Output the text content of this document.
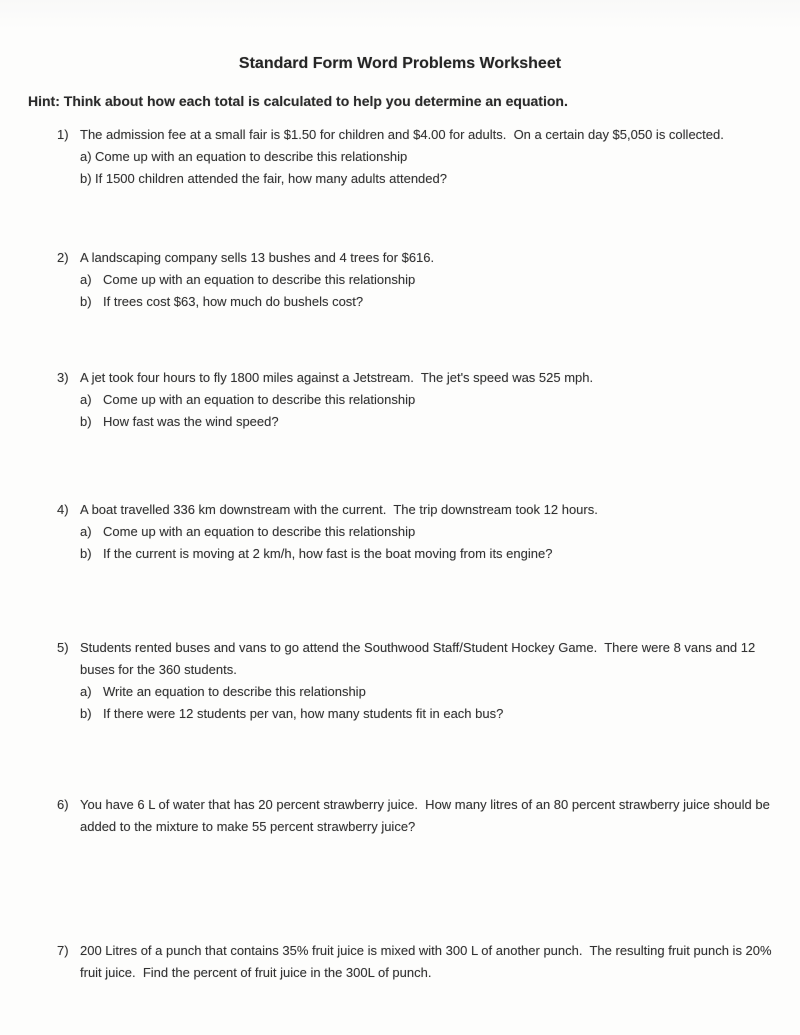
Standard Form Word Problems Worksheet
Hint: Think about how each total is calculated to help you determine an equation.
1) The admission fee at a small fair is $1.50 for children and $4.00 for adults.  On a certain day $5,050 is collected.
a) Come up with an equation to describe this relationship
b) If 1500 children attended the fair, how many adults attended?
2) A landscaping company sells 13 bushes and 4 trees for $616.
a) Come up with an equation to describe this relationship
b) If trees cost $63, how much do bushels cost?
3) A jet took four hours to fly 1800 miles against a Jetstream.  The jet's speed was 525 mph.
a) Come up with an equation to describe this relationship
b) How fast was the wind speed?
4) A boat travelled 336 km downstream with the current.  The trip downstream took 12 hours.
a) Come up with an equation to describe this relationship
b) If the current is moving at 2 km/h, how fast is the boat moving from its engine?
5) Students rented buses and vans to go attend the Southwood Staff/Student Hockey Game.  There were 8 vans and 12 buses for the 360 students.
a) Write an equation to describe this relationship
b) If there were 12 students per van, how many students fit in each bus?
6) You have 6 L of water that has 20 percent strawberry juice.  How many litres of an 80 percent strawberry juice should be added to the mixture to make 55 percent strawberry juice?
7) 200 Litres of a punch that contains 35% fruit juice is mixed with 300 L of another punch.  The resulting fruit punch is 20% fruit juice.  Find the percent of fruit juice in the 300L of punch.
